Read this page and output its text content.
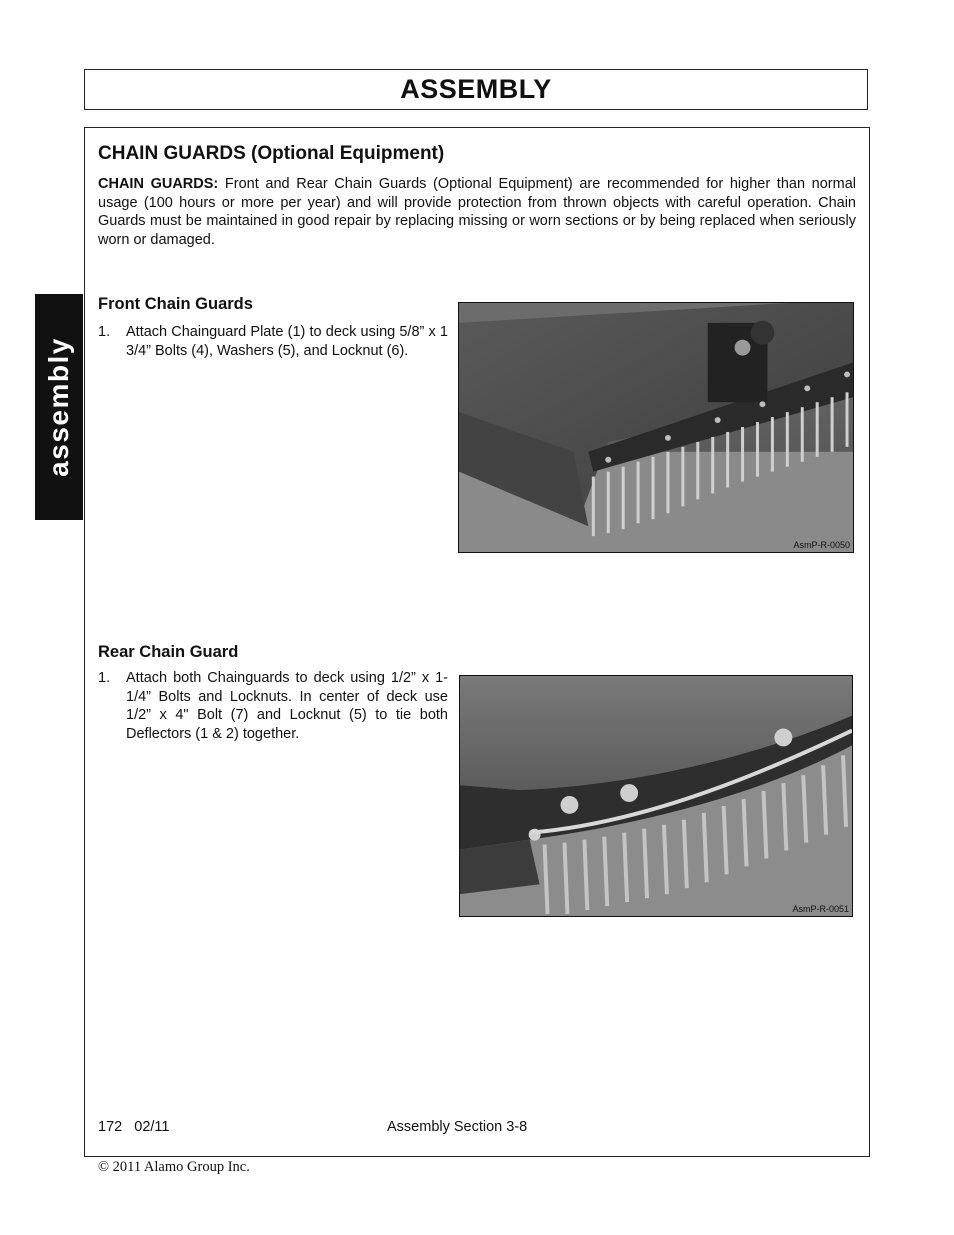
ASSEMBLY
assembly
CHAIN GUARDS (Optional Equipment)

CHAIN GUARDS: Front and Rear Chain Guards (Optional Equipment) are recommended for higher than normal usage (100 hours or more per year) and will provide protection from thrown objects with careful operation. Chain Guards must be maintained in good repair by replacing missing or worn sections or by being replaced when seriously worn or damaged.

Front Chain Guards
1. Attach Chainguard Plate (1) to deck using 5/8” x 1 3/4” Bolts (4), Washers (5), and Locknut (6).
AsmP-R-0050
Rear Chain Guard
1. Attach both Chainguards to deck using 1/2” x 1-1/4” Bolts and Locknuts. In center of deck use 1/2” x 4" Bolt (7) and Locknut (5) to tie both Deflectors (1 & 2) together.
AsmP-R-0051
172   02/11	Assembly Section 3-8
© 2011 Alamo Group Inc.
